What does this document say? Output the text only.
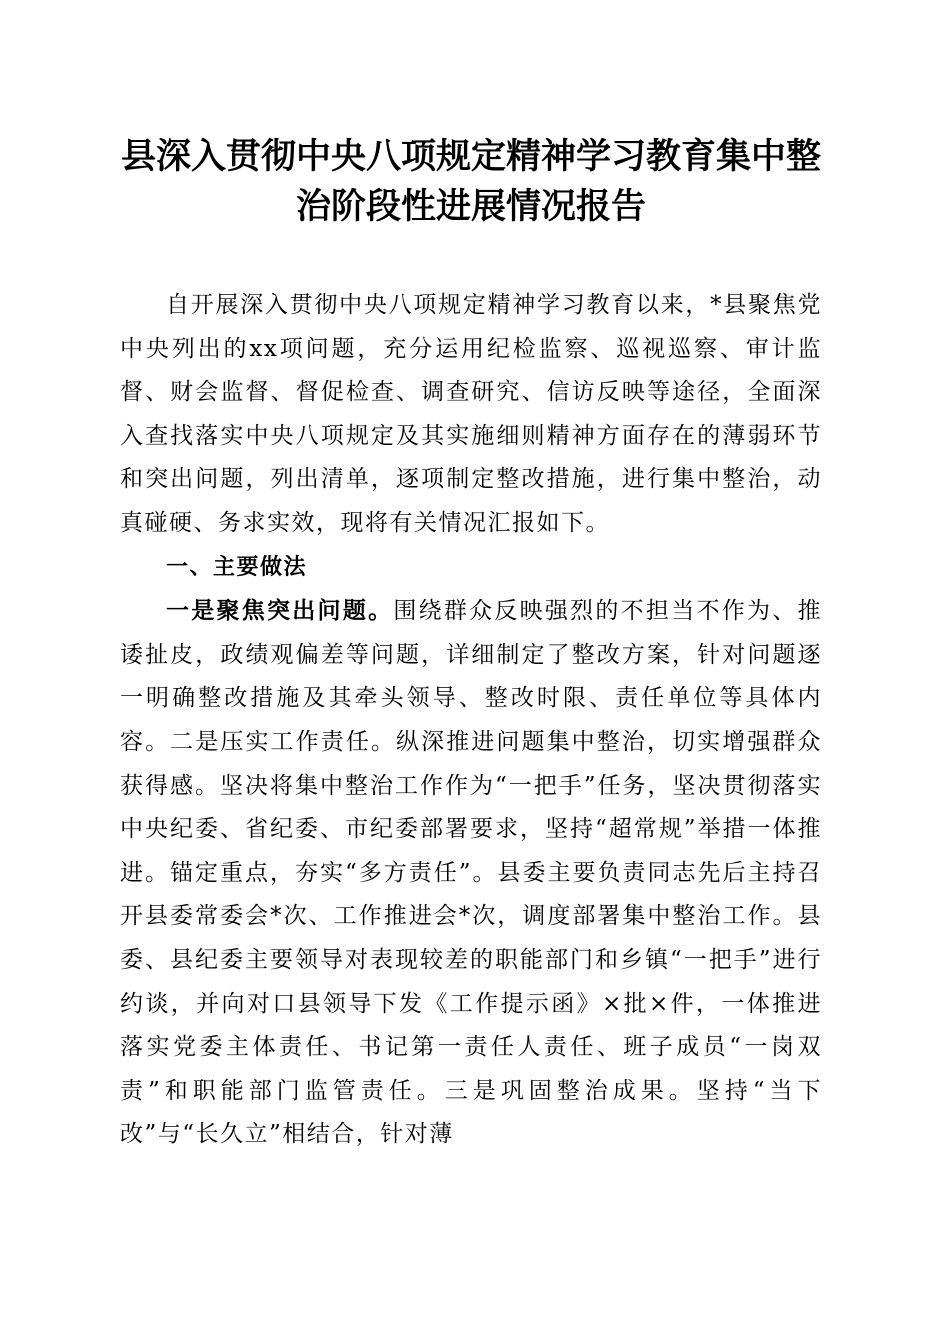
县深入贯彻中央八项规定精神学习教育集中整
治阶段性进展情况报告

自开展深入贯彻中央八项规定精神学习教育以来，*县聚焦党中央列出的xx项问题，充分运用纪检监察、巡视巡察、审计监督、财会监督、督促检查、调查研究、信访反映等途径，全面深入查找落实中央八项规定及其实施细则精神方面存在的薄弱环节和突出问题，列出清单，逐项制定整改措施，进行集中整治，动真碰硬、务求实效，现将有关情况汇报如下。

一、主要做法

一是聚焦突出问题。围绕群众反映强烈的不担当不作为、推诿扯皮，政绩观偏差等问题，详细制定了整改方案，针对问题逐一明确整改措施及其牵头领导、整改时限、责任单位等具体内容。二是压实工作责任。纵深推进问题集中整治，切实增强群众获得感。坚决将集中整治工作作为“一把手”任务，坚决贯彻落实中央纪委、省纪委、市纪委部署要求，坚持“超常规”举措一体推进。锚定重点，夯实“多方责任”。县委主要负责同志先后主持召开县委常委会*次、工作推进会*次，调度部署集中整治工作。县委、县纪委主要领导对表现较差的职能部门和乡镇“一把手”进行约谈，并向对口县领导下发《工作提示函》×批×件，一体推进落实党委主体责任、书记第一责任人责任、班子成员“一岗双责”和职能部门监管责任。三是巩固整治成果。坚持“当下改”与“长久立”相结合，针对薄
